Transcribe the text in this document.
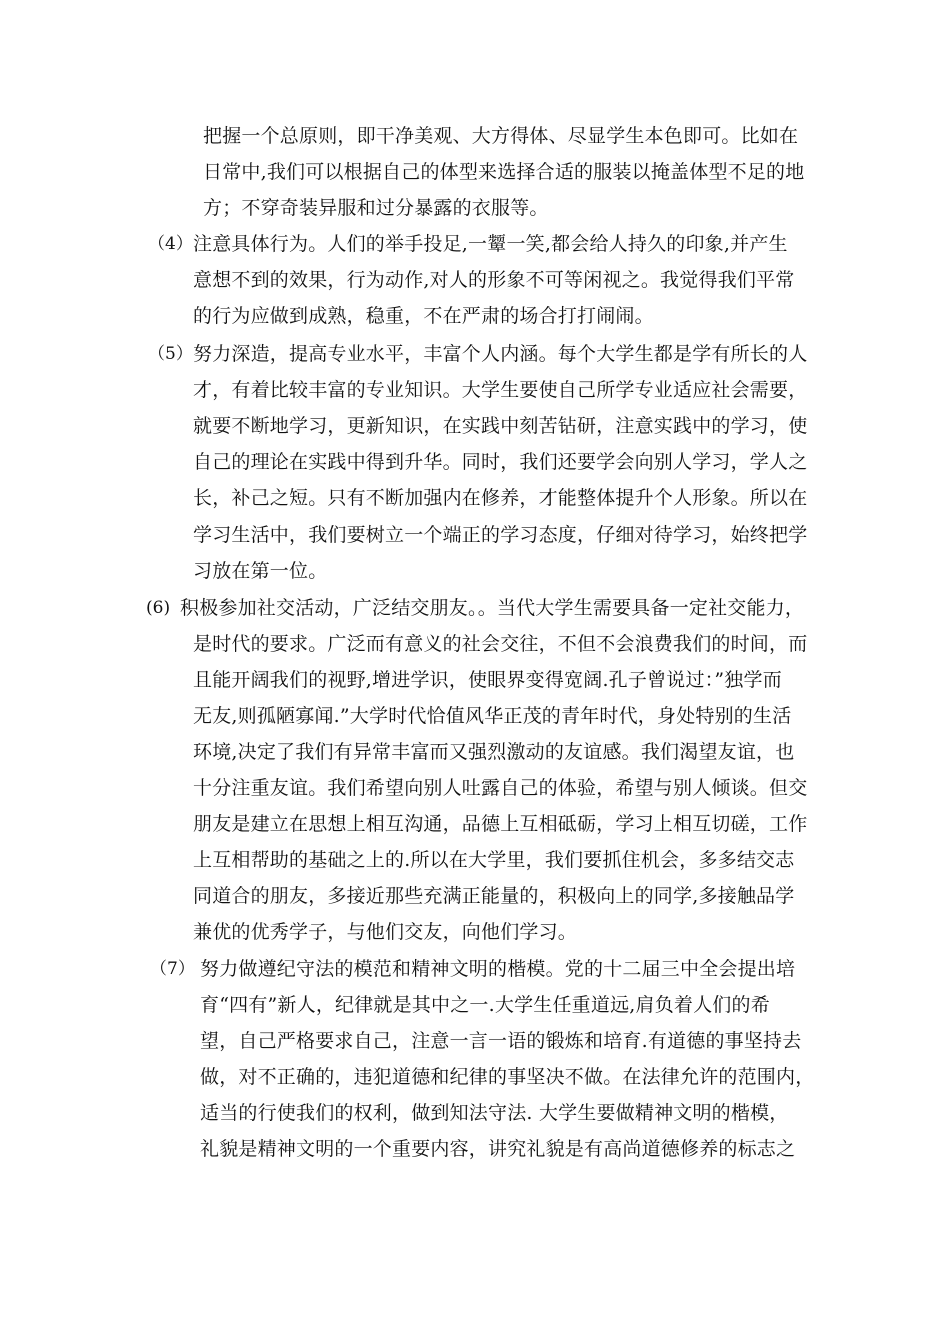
把握一个总原则，即干净美观、大方得体、尽显学生本色即可。比如在
日常中,我们可以根据自己的体型来选择合适的服装以掩盖体型不足的地
方；不穿奇装异服和过分暴露的衣服等。
（4） 注意具体行为。人们的举手投足,一颦一笑,都会给人持久的印象,并产生
意想不到的效果，行为动作,对人的形象不可等闲视之。我觉得我们平常
的行为应做到成熟，稳重，不在严肃的场合打打闹闹。
（5） 努力深造，提高专业水平，丰富个人内涵。每个大学生都是学有所长的人
才，有着比较丰富的专业知识。大学生要使自己所学专业适应社会需要，
就要不断地学习，更新知识，在实践中刻苦钻研，注意实践中的学习，使
自己的理论在实践中得到升华。同时，我们还要学会向别人学习，学人之
长，补己之短。只有不断加强内在修养，才能整体提升个人形象。所以在
学习生活中，我们要树立一个端正的学习态度，仔细对待学习，始终把学
习放在第一位。
(6) 积极参加社交活动，广泛结交朋友。。当代大学生需要具备一定社交能力，
是时代的要求。广泛而有意义的社会交往，不但不会浪费我们的时间，而
且能开阔我们的视野,增进学识，使眼界变得宽阔.孔子曾说过：”独学而
无友,则孤陋寡闻.”大学时代恰值风华正茂的青年时代，身处特别的生活
环境,决定了我们有异常丰富而又强烈激动的友谊感。我们渴望友谊，也
十分注重友谊。我们希望向别人吐露自己的体验，希望与别人倾谈。但交
朋友是建立在思想上相互沟通，品德上互相砥砺，学习上相互切磋，工作
上互相帮助的基础之上的.所以在大学里，我们要抓住机会，多多结交志
同道合的朋友，多接近那些充满正能量的，积极向上的同学,多接触品学
兼优的优秀学子，与他们交友，向他们学习。
（7） 努力做遵纪守法的模范和精神文明的楷模。党的十二届三中全会提出培
育“四有”新人，纪律就是其中之一.大学生任重道远,肩负着人们的希
望，自己严格要求自己，注意一言一语的锻炼和培育.有道德的事坚持去
做，对不正确的，违犯道德和纪律的事坚决不做。在法律允许的范围内，
适当的行使我们的权利，做到知法守法. 大学生要做精神文明的楷模，
礼貌是精神文明的一个重要内容，讲究礼貌是有高尚道德修养的标志之
